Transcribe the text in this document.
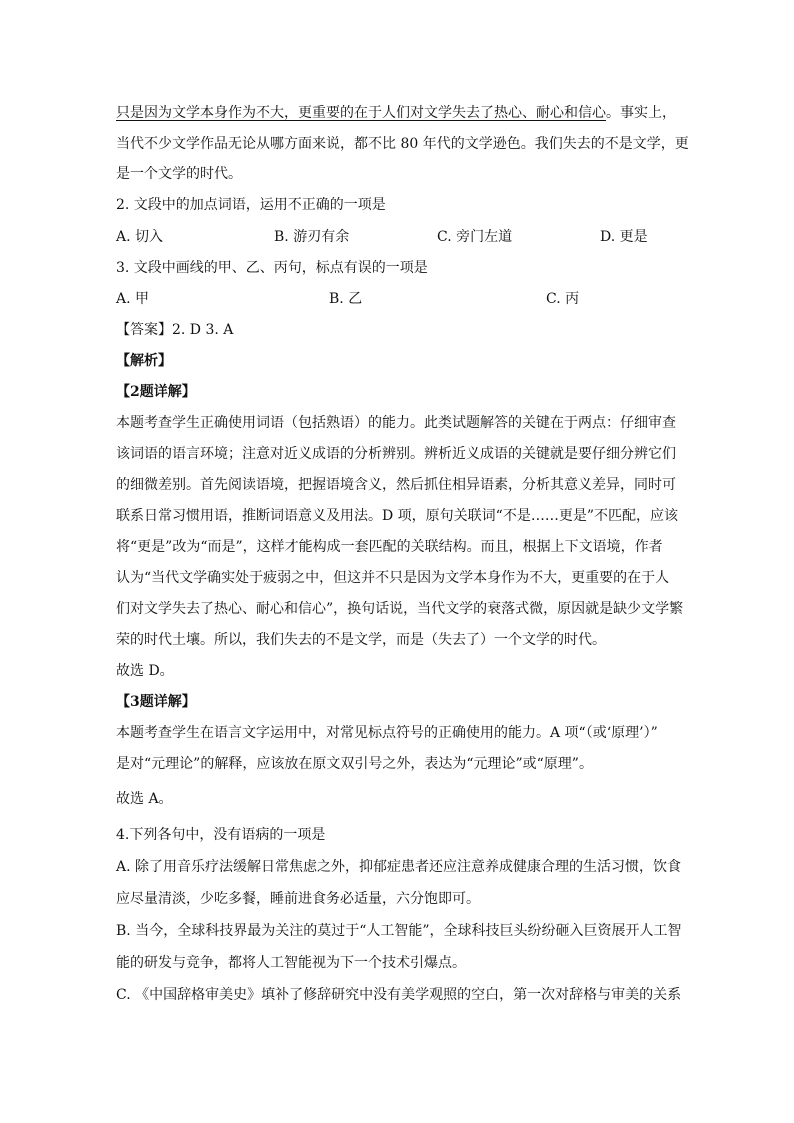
只是因为文学本身作为不大，更重要的在于人们对文学失去了热心、耐心和信心。事实上，
当代不少文学作品无论从哪方面来说，都不比 80 年代的文学逊色。我们失去的不是文学，更
是一个文学的时代。
2. 文段中的加点词语，运用不正确的一项是
A. 切入	B. 游刃有余	C. 旁门左道	D. 更是
3. 文段中画线的甲、乙、丙句，标点有误的一项是
A. 甲	B. 乙	C. 丙
【答案】2. D 3. A
【解析】
【2题详解】
本题考查学生正确使用词语（包括熟语）的能力。此类试题解答的关键在于两点：仔细审查
该词语的语言环境；注意对近义成语的分析辨别。辨析近义成语的关键就是要仔细分辨它们
的细微差别。首先阅读语境，把握语境含义，然后抓住相异语素，分析其意义差异，同时可
联系日常习惯用语，推断词语意义及用法。D 项，原句关联词“不是……更是”不匹配，应该
将“更是”改为“而是”，这样才能构成一套匹配的关联结构。而且，根据上下文语境，作者
认为“当代文学确实处于疲弱之中，但这并不只是因为文学本身作为不大，更重要的在于人
们对文学失去了热心、耐心和信心”，换句话说，当代文学的衰落式微，原因就是缺少文学繁
荣的时代土壤。所以，我们失去的不是文学，而是（失去了）一个文学的时代。
故选 D。
【3题详解】
本题考查学生在语言文字运用中，对常见标点符号的正确使用的能力。A 项“（或‘原理’）”
是对“元理论”的解释，应该放在原文双引号之外，表达为“元理论”或“原理”。
故选 A。
4.下列各句中，没有语病的一项是
A. 除了用音乐疗法缓解日常焦虑之外，抑郁症患者还应注意养成健康合理的生活习惯，饮食
应尽量清淡，少吃多餐，睡前进食务必适量，六分饱即可。
B. 当今，全球科技界最为关注的莫过于“人工智能”，全球科技巨头纷纷砸入巨资展开人工智
能的研发与竞争，都将人工智能视为下一个技术引爆点。
C. 《中国辞格审美史》填补了修辞研究中没有美学观照的空白，第一次对辞格与审美的关系
